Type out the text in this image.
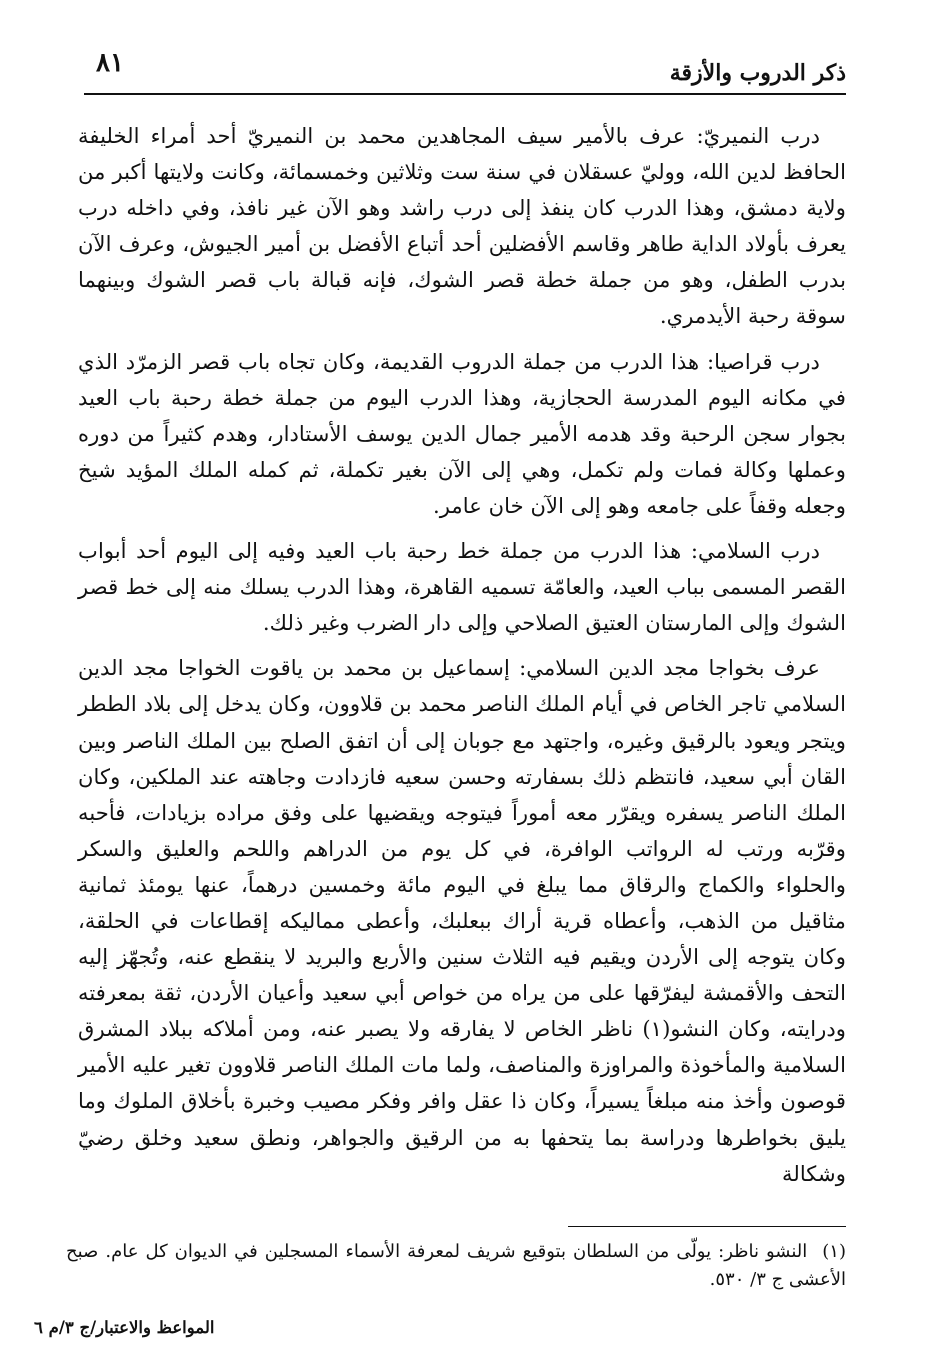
٨١	ذكر الدروب والأزقة

درب النميريّ: عرف بالأمير سيف المجاهدين محمد بن النميريّ أحد أمراء الخليفة الحافظ لدين الله، ووليّ عسقلان في سنة ست وثلاثين وخمسمائة، وكانت ولايتها أكبر من ولاية دمشق، وهذا الدرب كان ينفذ إلى درب راشد وهو الآن غير نافذ، وفي داخله درب يعرف بأولاد الداية طاهر وقاسم الأفضلين أحد أتباع الأفضل بن أمير الجيوش، وعرف الآن بدرب الطفل، وهو من جملة خطة قصر الشوك، فإنه قبالة باب قصر الشوك وبينهما سوقة رحبة الأيدمري.

درب قراصيا: هذا الدرب من جملة الدروب القديمة، وكان تجاه باب قصر الزمرّد الذي في مكانه اليوم المدرسة الحجازية، وهذا الدرب اليوم من جملة خطة رحبة باب العيد بجوار سجن الرحبة وقد هدمه الأمير جمال الدين يوسف الأستادار، وهدم كثيراً من دوره وعملها وكالة فمات ولم تكمل، وهي إلى الآن بغير تكملة، ثم كمله الملك المؤيد شيخ وجعله وقفاً على جامعه وهو إلى الآن خان عامر.

درب السلامي: هذا الدرب من جملة خط رحبة باب العيد وفيه إلى اليوم أحد أبواب القصر المسمى بباب العيد، والعامّة تسميه القاهرة، وهذا الدرب يسلك منه إلى خط قصر الشوك وإلى المارستان العتيق الصلاحي وإلى دار الضرب وغير ذلك.

عرف بخواجا مجد الدين السلامي: إسماعيل بن محمد بن ياقوت الخواجا مجد الدين السلامي تاجر الخاص في أيام الملك الناصر محمد بن قلاوون، وكان يدخل إلى بلاد الططر ويتجر ويعود بالرقيق وغيره، واجتهد مع جوبان إلى أن اتفق الصلح بين الملك الناصر وبين القان أبي سعيد، فانتظم ذلك بسفارته وحسن سعيه فازدادت وجاهته عند الملكين، وكان الملك الناصر يسفره ويقرّر معه أموراً فيتوجه ويقضيها على وفق مراده بزيادات، فأحبه وقرّبه ورتب له الرواتب الوافرة، في كل يوم من الدراهم واللحم والعليق والسكر والحلواء والكماج والرقاق مما يبلغ في اليوم مائة وخمسين درهماً، عنها يومئذ ثمانية مثاقيل من الذهب، وأعطاه قرية أراك ببعلبك، وأعطى مماليكه إقطاعات في الحلقة، وكان يتوجه إلى الأردن ويقيم فيه الثلاث سنين والأربع والبريد لا ينقطع عنه، وتُجهّز إليه التحف والأقمشة ليفرّقها على من يراه من خواص أبي سعيد وأعيان الأردن، ثقة بمعرفته ودرايته، وكان النشو(١) ناظر الخاص لا يفارقه ولا يصبر عنه، ومن أملاكه ببلاد المشرق السلامية والمأخوذة والمراوزة والمناصف، ولما مات الملك الناصر قلاوون تغير عليه الأمير قوصون وأخذ منه مبلغاً يسيراً، وكان ذا عقل وافر وفكر مصيب وخبرة بأخلاق الملوك وما يليق بخواطرها ودراسة بما يتحفها به من الرقيق والجواهر، ونطق سعيد وخلق رضيّ وشكالة

(١) النشو ناظر: يولّى من السلطان بتوقيع شريف لمعرفة الأسماء المسجلين في الديوان كل عام. صبح الأعشى ج ٣/ ٥٣٠.
المواعظ والاعتبار/ج ٣/م ٦
